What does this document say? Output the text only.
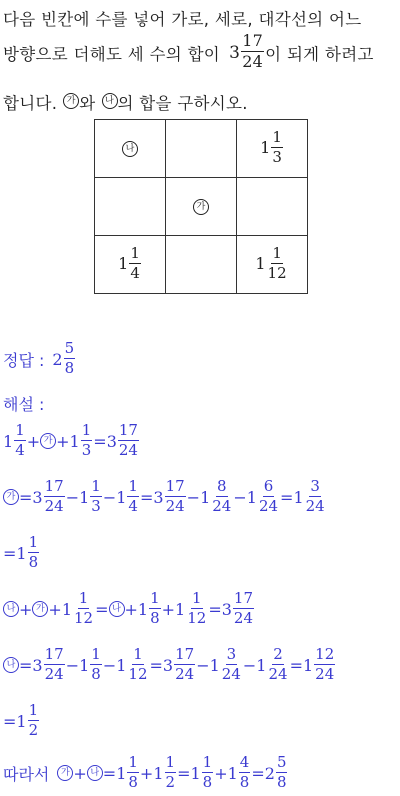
다음 빈칸에 수를 넣어 가로, 세로, 대각선의 어느
방향으로 더해도 세 수의 합이 $3 \frac{17}{24}$ 이 되게 하려고
합니다.	가 와	나 의 합을 구하시오.
나		$1 \frac{1}{3}$

	가	
$1 \frac{1}{4}$		$1 \frac{1}{12}$
정답 : $2 \frac{5}{8}$
해설 :
$1 \frac{1}{4}$ + 가 + $1 \frac{1}{3} = 3 \frac{17}{24}$
가 = $3 \frac{17}{24} - 1 \frac{1}{3} - 1 \frac{1}{4} = 3 \frac{17}{24} - 1 \frac{8}{24} - 1 \frac{6}{24} = 1 \frac{3}{24}$
= $1 \frac{1}{8}$
나 + 가 + $1 \frac{1}{12}$ = 나 + $1 \frac{1}{8} + 1 \frac{1}{12} = 3 \frac{17}{24}$
나 = $3 \frac{17}{24} - 1 \frac{1}{8} - 1 \frac{1}{12} = 3 \frac{17}{24} - 1 \frac{3}{24} - 1 \frac{2}{24} = 1 \frac{12}{24}$
= $1 \frac{1}{2}$
따라서	가 + 나 = $1 \frac{1}{8} + 1 \frac{1}{2} = 1 \frac{1}{8} + 1 \frac{4}{8} = 2 \frac{5}{8}$
